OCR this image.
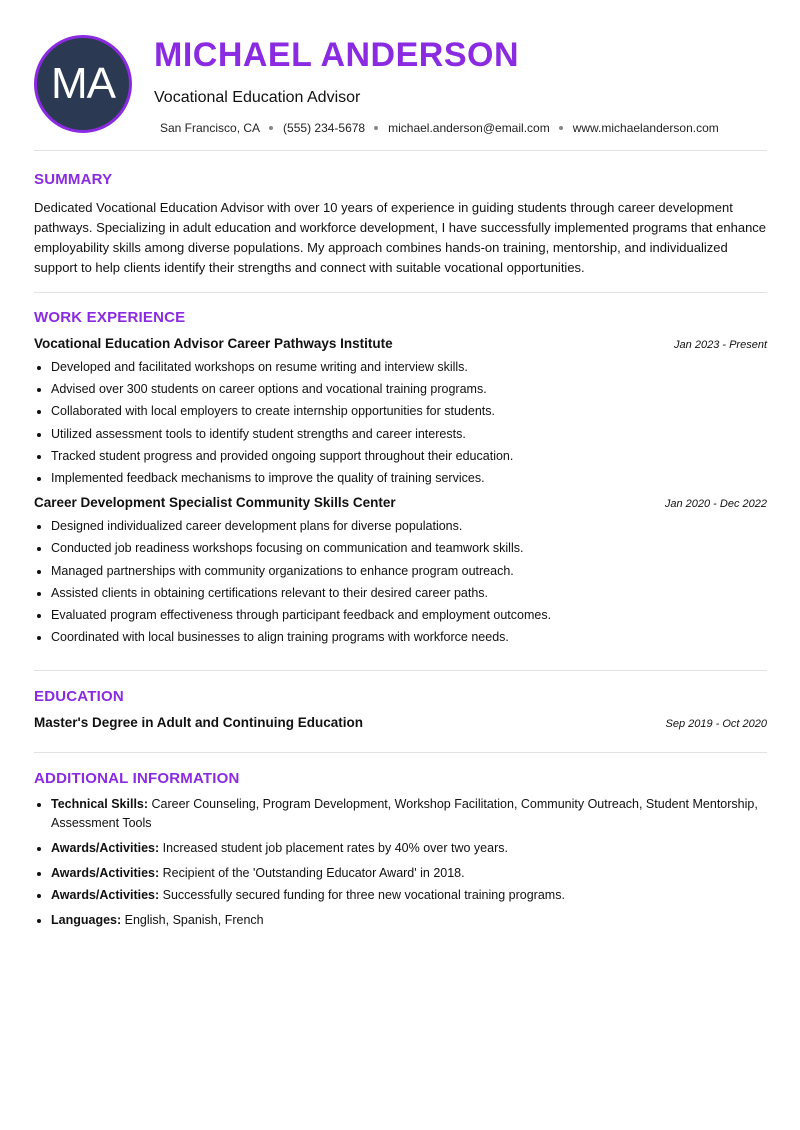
MA
MICHAEL ANDERSON
Vocational Education Advisor
San Francisco, CA (555) 234-5678 michael.anderson@email.com www.michaelanderson.com
SUMMARY

Dedicated Vocational Education Advisor with over 10 years of experience in guiding students through career development pathways. Specializing in adult education and workforce development, I have successfully implemented programs that enhance employability skills among diverse populations. My approach combines hands-on training, mentorship, and individualized support to help clients identify their strengths and connect with suitable vocational opportunities.

WORK EXPERIENCE
Vocational Education Advisor Career Pathways Institute	Jan 2023 - Present
• Developed and facilitated workshops on resume writing and interview skills.
• Advised over 300 students on career options and vocational training programs.
• Collaborated with local employers to create internship opportunities for students.
• Utilized assessment tools to identify student strengths and career interests.
• Tracked student progress and provided ongoing support throughout their education.
• Implemented feedback mechanisms to improve the quality of training services.
Career Development Specialist Community Skills Center	Jan 2020 - Dec 2022
• Designed individualized career development plans for diverse populations.
• Conducted job readiness workshops focusing on communication and teamwork skills.
• Managed partnerships with community organizations to enhance program outreach.
• Assisted clients in obtaining certifications relevant to their desired career paths.
• Evaluated program effectiveness through participant feedback and employment outcomes.
• Coordinated with local businesses to align training programs with workforce needs.
EDUCATION
Master's Degree in Adult and Continuing Education	Sep 2019 - Oct 2020
ADDITIONAL INFORMATION
• Technical Skills: Career Counseling, Program Development, Workshop Facilitation, Community Outreach, Student Mentorship, Assessment Tools
• Awards/Activities: Increased student job placement rates by 40% over two years.
• Awards/Activities: Recipient of the 'Outstanding Educator Award' in 2018.
• Awards/Activities: Successfully secured funding for three new vocational training programs.
• Languages: English, Spanish, French
